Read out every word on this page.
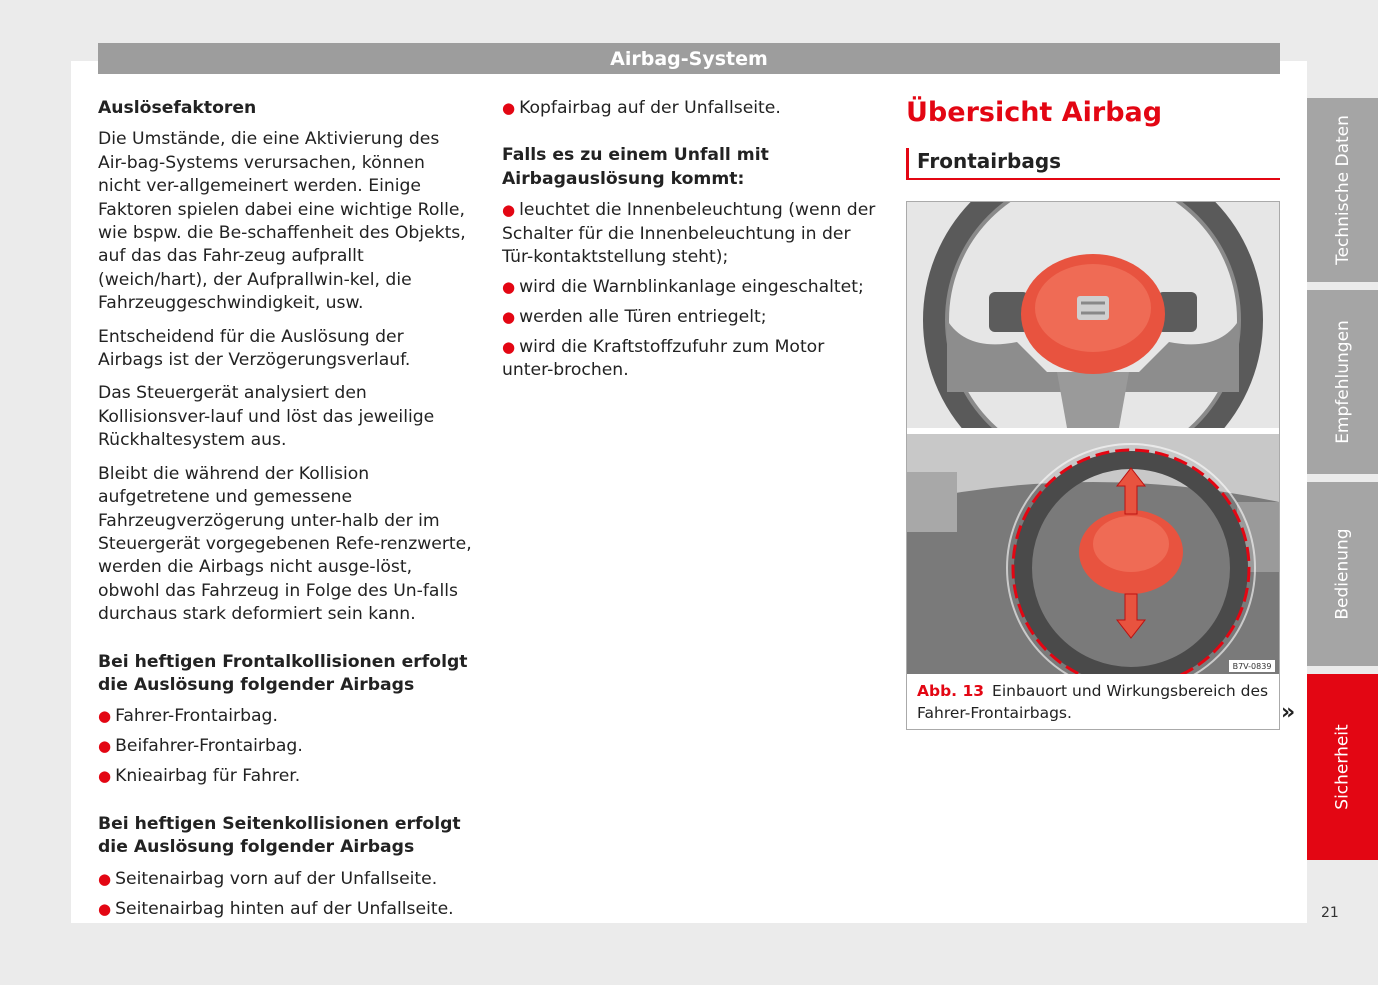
Airbag-System
Auslösefaktoren

Die Umstände, die eine Aktivierung des Air-bag-Systems verursachen, können nicht ver-allgemeinert werden. Einige Faktoren spielen dabei eine wichtige Rolle, wie bspw. die Be-schaffenheit des Objekts, auf das das Fahr-zeug aufprallt (weich/hart), der Aufprallwin-kel, die Fahrzeuggeschwindigkeit, usw.

Entscheidend für die Auslösung der Airbags ist der Verzögerungsverlauf.

Das Steuergerät analysiert den Kollisionsver-lauf und löst das jeweilige Rückhaltesystem aus.

Bleibt die während der Kollision aufgetretene und gemessene Fahrzeugverzögerung unter-halb der im Steuergerät vorgegebenen Refe-renzwerte, werden die Airbags nicht ausge-löst, obwohl das Fahrzeug in Folge des Un-falls durchaus stark deformiert sein kann.

Bei heftigen Frontalkollisionen erfolgt die Auslösung folgender Airbags
● Fahrer-Frontairbag.
● Beifahrer-Frontairbag.
● Knieairbag für Fahrer.
Bei heftigen Seitenkollisionen erfolgt die Auslösung folgender Airbags
● Seitenairbag vorn auf der Unfallseite.
● Seitenairbag hinten auf der Unfallseite.
● Kopfairbag auf der Unfallseite.
Falls es zu einem Unfall mit Airbagauslösung kommt:
● leuchtet die Innenbeleuchtung (wenn der Schalter für die Innenbeleuchtung in der Tür-kontaktstellung steht);
● wird die Warnblinkanlage eingeschaltet;
● werden alle Türen entriegelt;
● wird die Kraftstoffzufuhr zum Motor unter-brochen.
Übersicht Airbag
Frontairbags
B7V-0839
Abb. 13 Einbauort und Wirkungsbereich des Fahrer-Frontairbags.	»
Technische Daten
Empfehlungen
Bedienung
Sicherheit
21
